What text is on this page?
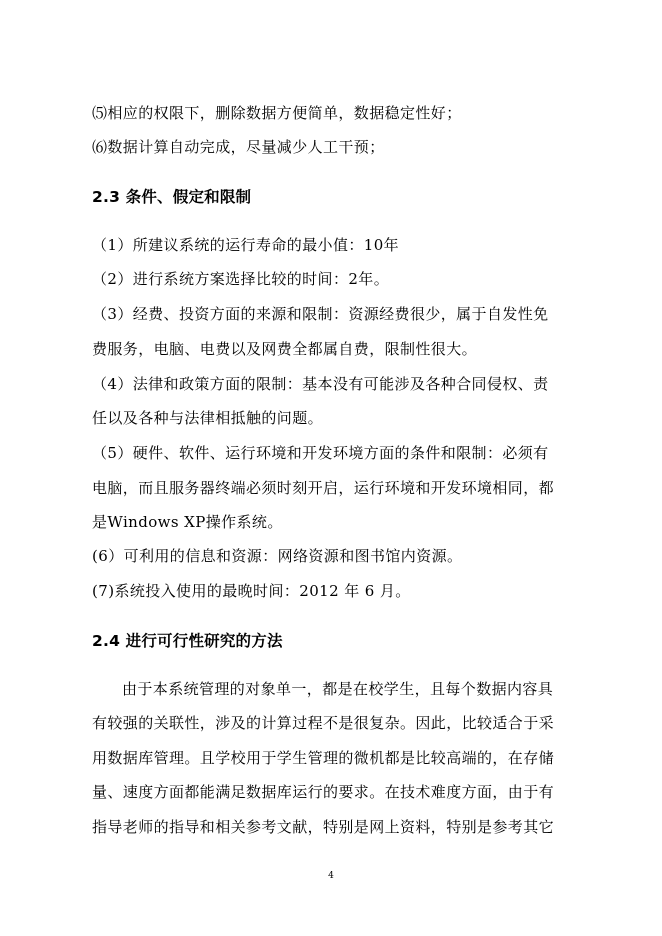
⑸相应的权限下，删除数据方便简单，数据稳定性好；
⑹数据计算自动完成，尽量减少人工干预；
2.3 条件、假定和限制
（1）所建议系统的运行寿命的最小值：10年
（2）进行系统方案选择比较的时间：2年。
（3）经费、投资方面的来源和限制：资源经费很少，属于自发性免
费服务，电脑、电费以及网费全都属自费，限制性很大。
（4）法律和政策方面的限制：基本没有可能涉及各种合同侵权、责
任以及各种与法律相抵触的问题。
（5）硬件、软件、运行环境和开发环境方面的条件和限制：必须有
电脑，而且服务器终端必须时刻开启，运行环境和开发环境相同，都
是Windows XP操作系统。
(6）可利用的信息和资源：网络资源和图书馆内资源。
(7)系统投入使用的最晚时间：2012 年 6 月。
2.4 进行可行性研究的方法
由于本系统管理的对象单一，都是在校学生，且每个数据内容具
有较强的关联性，涉及的计算过程不是很复杂。因此，比较适合于采
用数据库管理。且学校用于学生管理的微机都是比较高端的，在存储
量、速度方面都能满足数据库运行的要求。在技术难度方面，由于有
指导老师的指导和相关参考文献，特别是网上资料，特别是参考其它
4
